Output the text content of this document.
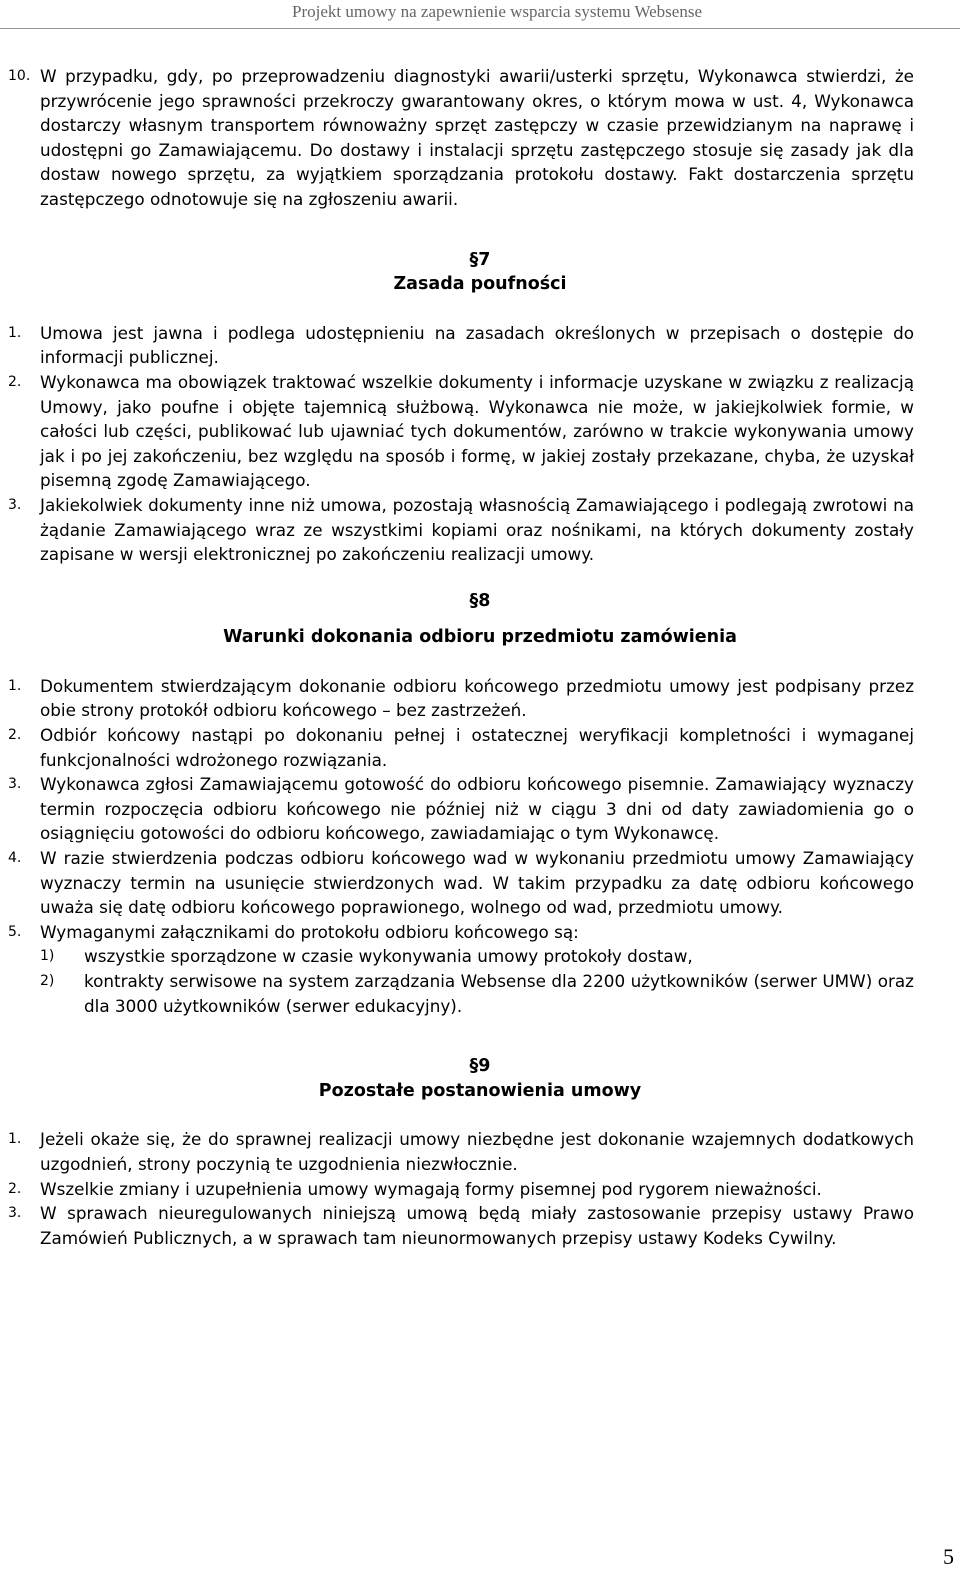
Projekt umowy na zapewnienie wsparcia systemu Websense
10. W przypadku, gdy, po przeprowadzeniu diagnostyki awarii/usterki sprzętu, Wykonawca stwierdzi, że przywrócenie jego sprawności przekroczy gwarantowany okres, o którym mowa w ust. 4, Wykonawca dostarczy własnym transportem równoważny sprzęt zastępczy w czasie przewidzianym na naprawę i udostępni go Zamawiającemu. Do dostawy i instalacji sprzętu zastępczego stosuje się zasady jak dla dostaw nowego sprzętu, za wyjątkiem sporządzania protokołu dostawy. Fakt dostarczenia sprzętu zastępczego odnotowuje się na zgłoszeniu awarii.
§7
Zasada poufności
1. Umowa jest jawna i podlega udostępnieniu na zasadach określonych w przepisach o dostępie do informacji publicznej.
2. Wykonawca ma obowiązek traktować wszelkie dokumenty i informacje uzyskane w związku z realizacją Umowy, jako poufne i objęte tajemnicą służbową. Wykonawca nie może, w jakiejkolwiek formie, w całości lub części, publikować lub ujawniać tych dokumentów, zarówno w trakcie wykonywania umowy jak i po jej zakończeniu, bez względu na sposób i formę, w jakiej zostały przekazane, chyba, że uzyskał pisemną zgodę Zamawiającego.
3. Jakiekolwiek dokumenty inne niż umowa, pozostają własnością Zamawiającego i podlegają zwrotowi na żądanie Zamawiającego wraz ze wszystkimi kopiami oraz nośnikami, na których dokumenty zostały zapisane w wersji elektronicznej po zakończeniu realizacji umowy.
§8
Warunki dokonania odbioru przedmiotu zamówienia
1. Dokumentem stwierdzającym dokonanie odbioru końcowego przedmiotu umowy jest podpisany przez obie strony protokół odbioru końcowego – bez zastrzeżeń.
2. Odbiór końcowy nastąpi po dokonaniu pełnej i ostatecznej weryfikacji kompletności i wymaganej funkcjonalności wdrożonego rozwiązania.
3. Wykonawca zgłosi Zamawiającemu gotowość do odbioru końcowego pisemnie. Zamawiający wyznaczy termin rozpoczęcia odbioru końcowego nie później niż w ciągu 3 dni od daty zawiadomienia go o osiągnięciu gotowości do odbioru końcowego, zawiadamiając o tym Wykonawcę.
4. W razie stwierdzenia podczas odbioru końcowego wad w wykonaniu przedmiotu umowy Zamawiający wyznaczy termin na usunięcie stwierdzonych wad. W takim przypadku za datę odbioru końcowego uważa się datę odbioru końcowego poprawionego, wolnego od wad, przedmiotu umowy.
5. Wymaganymi załącznikami do protokołu odbioru końcowego są:
1) wszystkie sporządzone w czasie wykonywania umowy protokoły dostaw,
2) kontrakty serwisowe na system zarządzania Websense dla 2200 użytkowników (serwer UMW) oraz dla 3000 użytkowników (serwer edukacyjny).
§9
Pozostałe postanowienia umowy
1. Jeżeli okaże się, że do sprawnej realizacji umowy niezbędne jest dokonanie wzajemnych dodatkowych uzgodnień, strony poczynią te uzgodnienia niezwłocznie.
2. Wszelkie zmiany i uzupełnienia umowy wymagają formy pisemnej pod rygorem nieważności.
3. W sprawach nieuregulowanych niniejszą umową będą miały zastosowanie przepisy ustawy Prawo Zamówień Publicznych, a w sprawach tam nieunormowanych przepisy ustawy Kodeks Cywilny.
5
